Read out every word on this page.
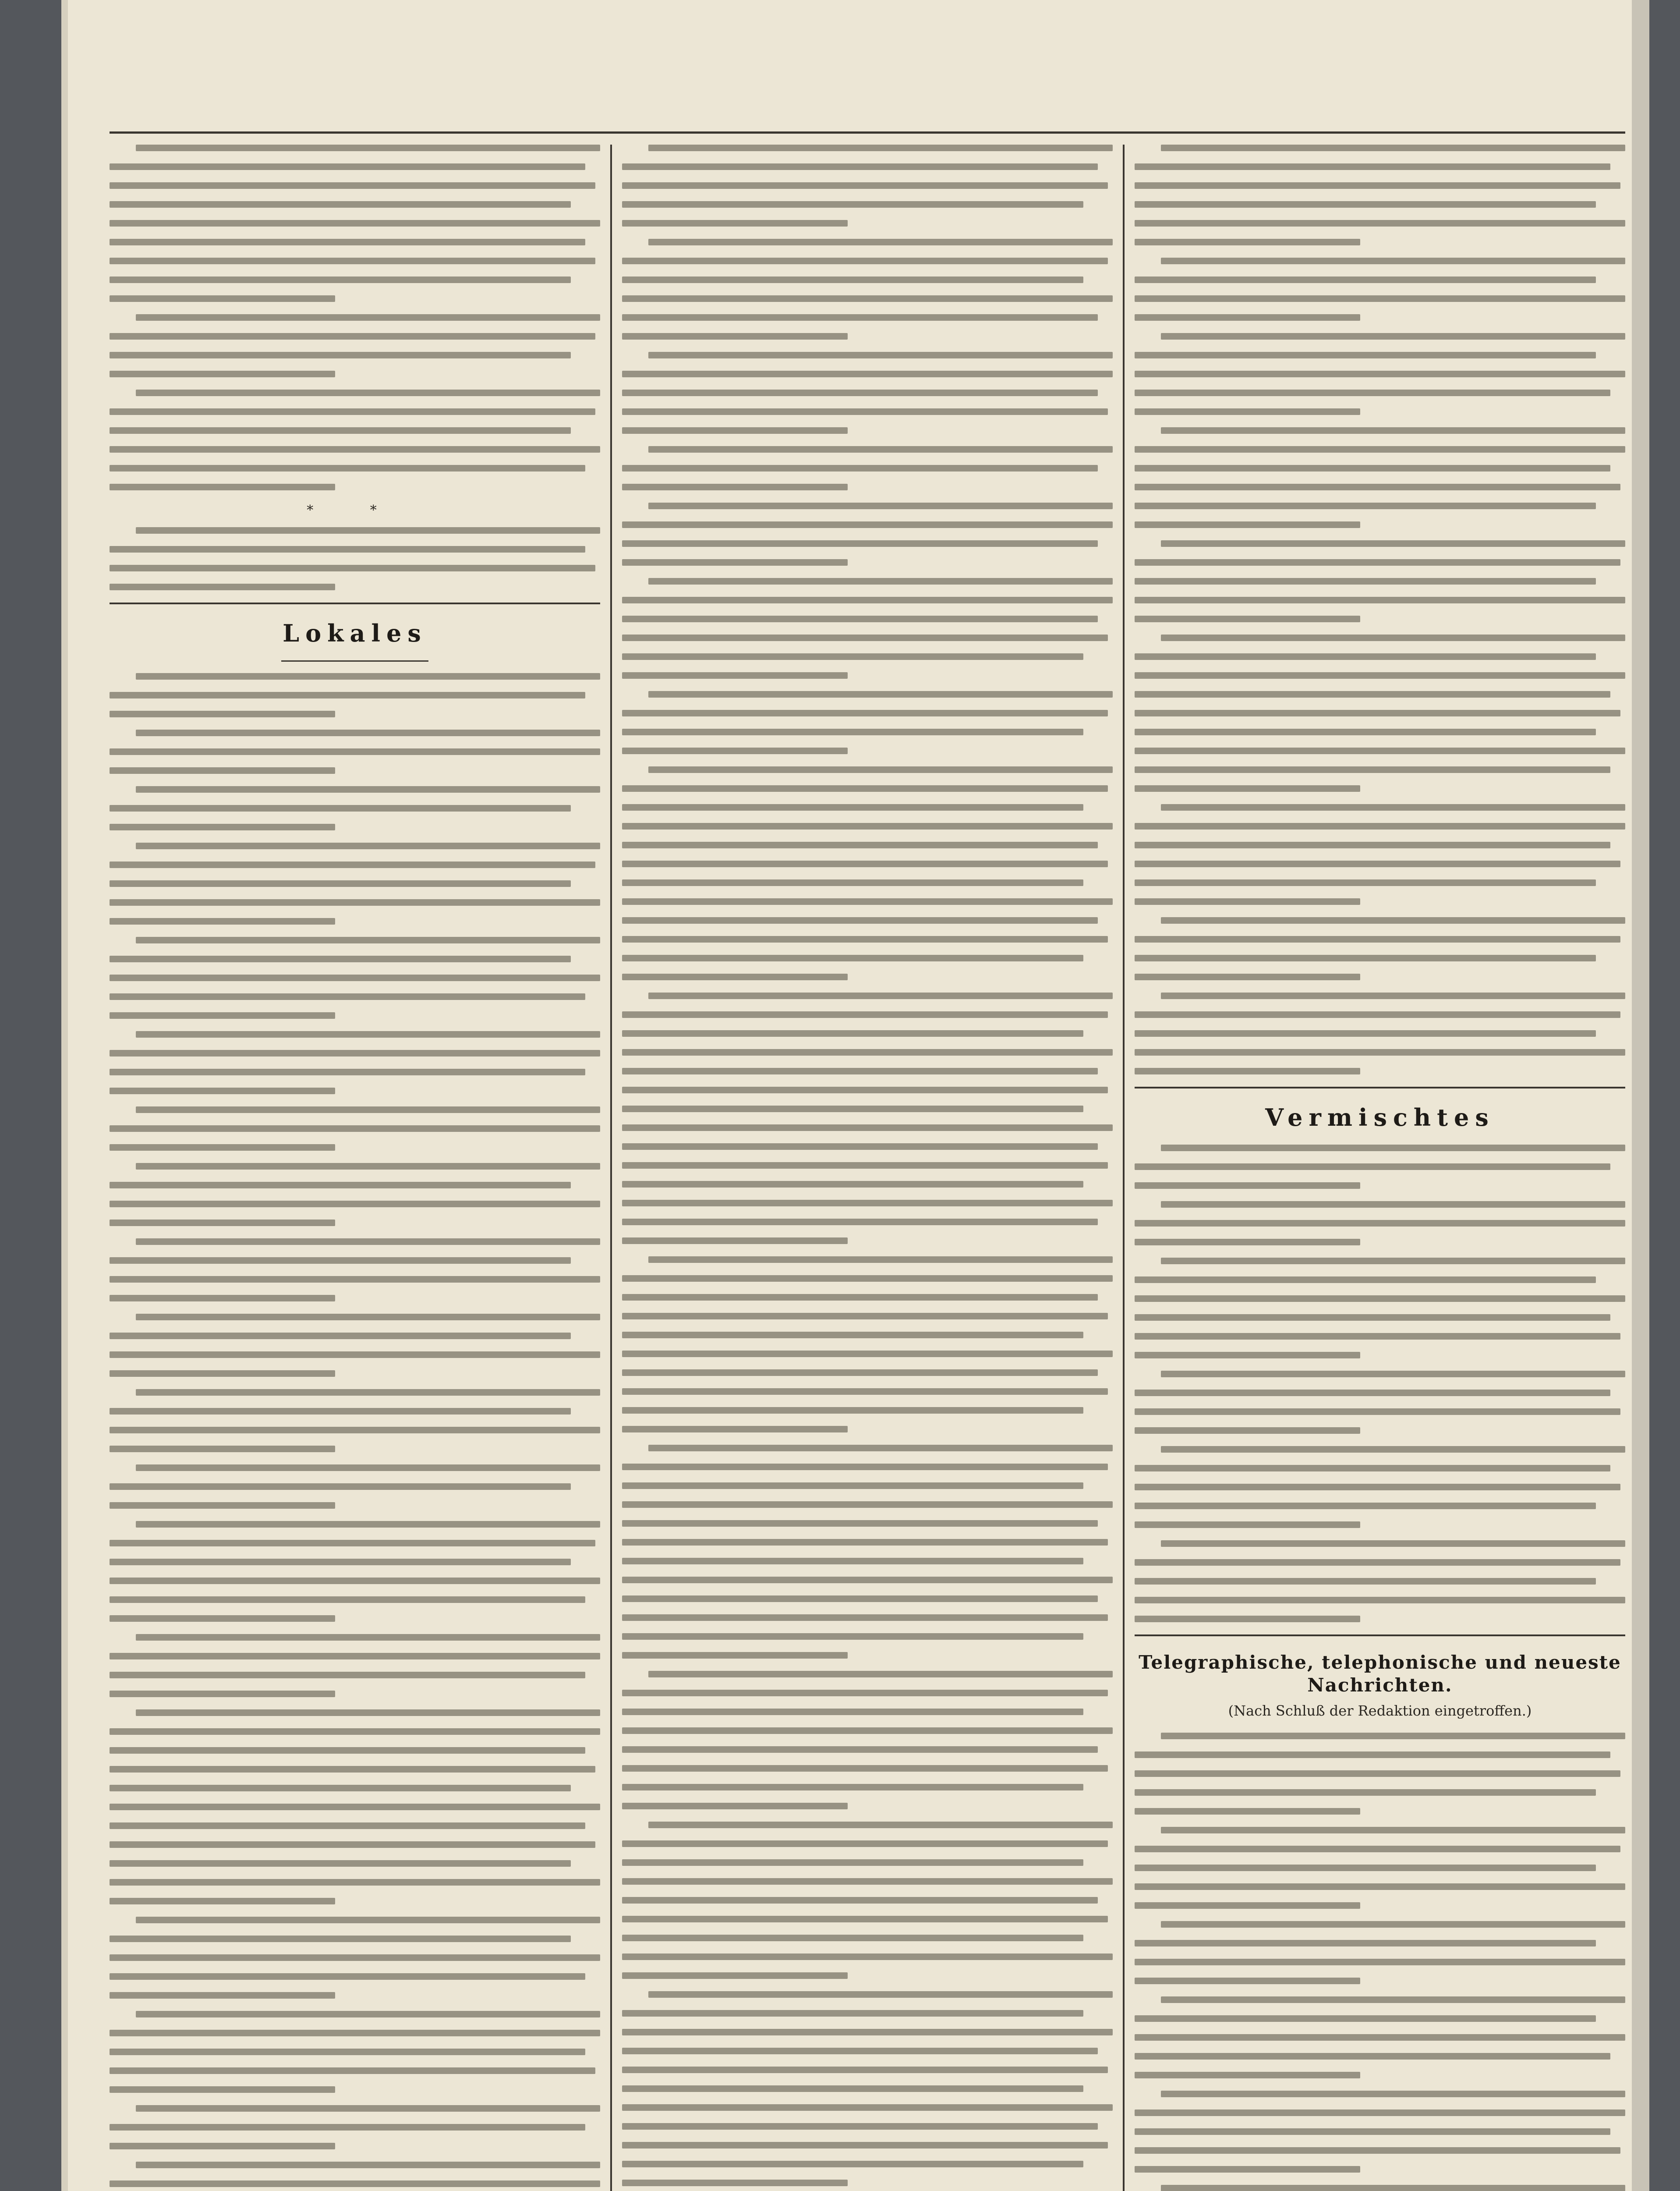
* *
Lokales
Vermischtes
Telegraphische, telephonische und neueste Nachrichten.
(Nach Schluß der Redaktion eingetroffen.)
